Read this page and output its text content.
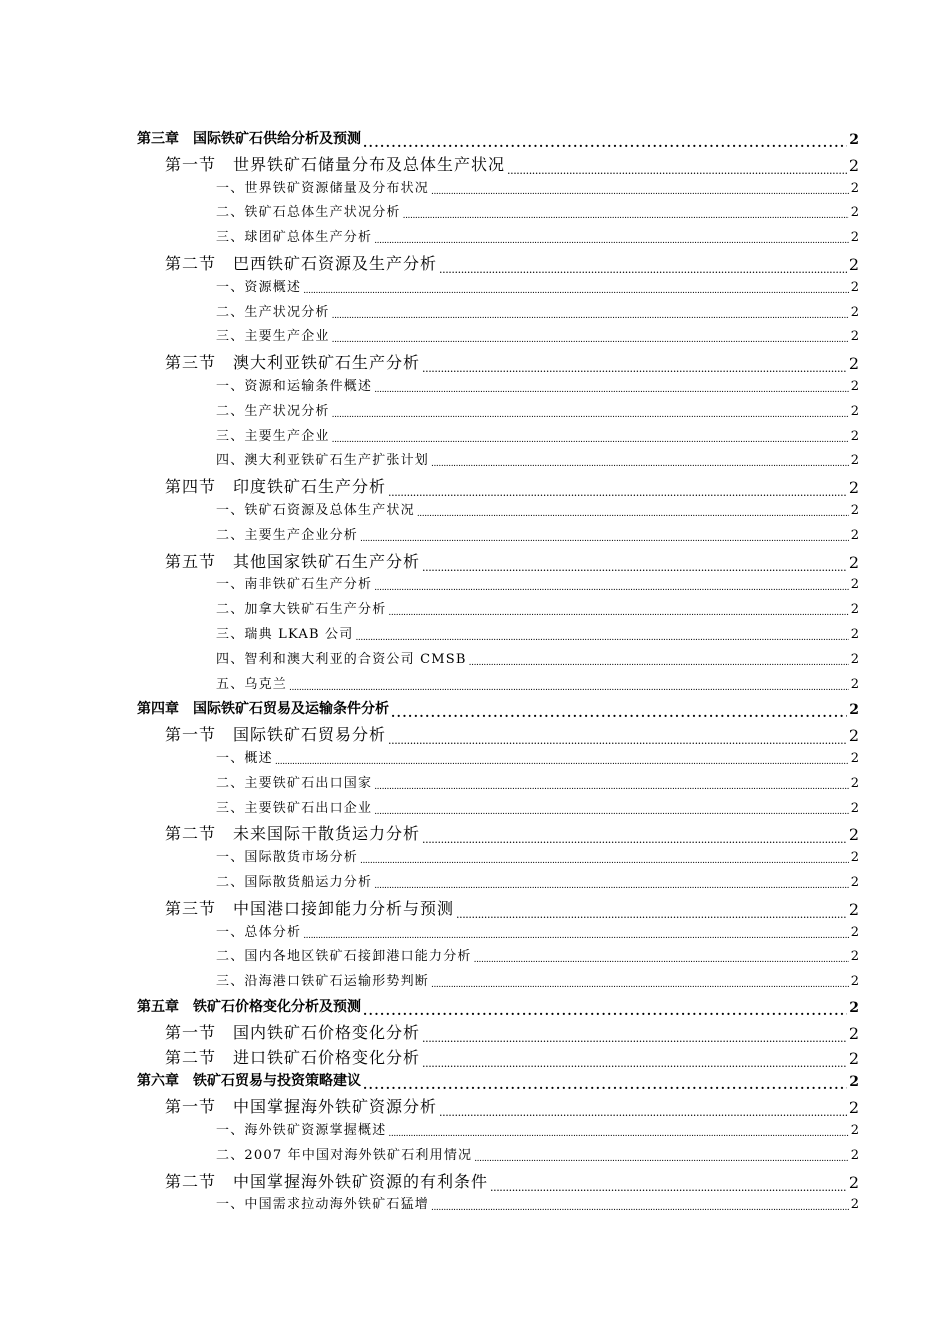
第三章　国际铁矿石供给分析及预测 .....	2
第一节　世界铁矿石储量分布及总体生产状况 .....	2
一、世界铁矿资源储量及分布状况 .....	2
二、铁矿石总体生产状况分析 .....	2
三、球团矿总体生产分析 .....	2
第二节　巴西铁矿石资源及生产分析 .....	2
一、资源概述 .....	2
二、生产状况分析 .....	2
三、主要生产企业 .....	2
第三节　澳大利亚铁矿石生产分析 .....	2
一、资源和运输条件概述 .....	2
二、生产状况分析 .....	2
三、主要生产企业 .....	2
四、澳大利亚铁矿石生产扩张计划 .....	2
第四节　印度铁矿石生产分析 .....	2
一、铁矿石资源及总体生产状况 .....	2
二、主要生产企业分析 .....	2
第五节　其他国家铁矿石生产分析 .....	2
一、南非铁矿石生产分析 .....	2
二、加拿大铁矿石生产分析 .....	2
三、瑞典 LKAB 公司 .....	2
四、智利和澳大利亚的合资公司 CMSB .....	2
五、乌克兰 .....	2
第四章　国际铁矿石贸易及运输条件分析 .....	2
第一节　国际铁矿石贸易分析 .....	2
一、概述 .....	2
二、主要铁矿石出口国家 .....	2
三、主要铁矿石出口企业 .....	2
第二节　未来国际干散货运力分析 .....	2
一、国际散货市场分析 .....	2
二、国际散货船运力分析 .....	2
第三节　中国港口接卸能力分析与预测 .....	2
一、总体分析 .....	2
二、国内各地区铁矿石接卸港口能力分析 .....	2
三、沿海港口铁矿石运输形势判断 .....	2
第五章　铁矿石价格变化分析及预测 .....	2
第一节　国内铁矿石价格变化分析 .....	2
第二节　进口铁矿石价格变化分析 .....	2
第六章　铁矿石贸易与投资策略建议 .....	2
第一节　中国掌握海外铁矿资源分析 .....	2
一、海外铁矿资源掌握概述 .....	2
二、2007 年中国对海外铁矿石利用情况 .....	2
第二节　中国掌握海外铁矿资源的有利条件 .....	2
一、中国需求拉动海外铁矿石猛增 .....	2
